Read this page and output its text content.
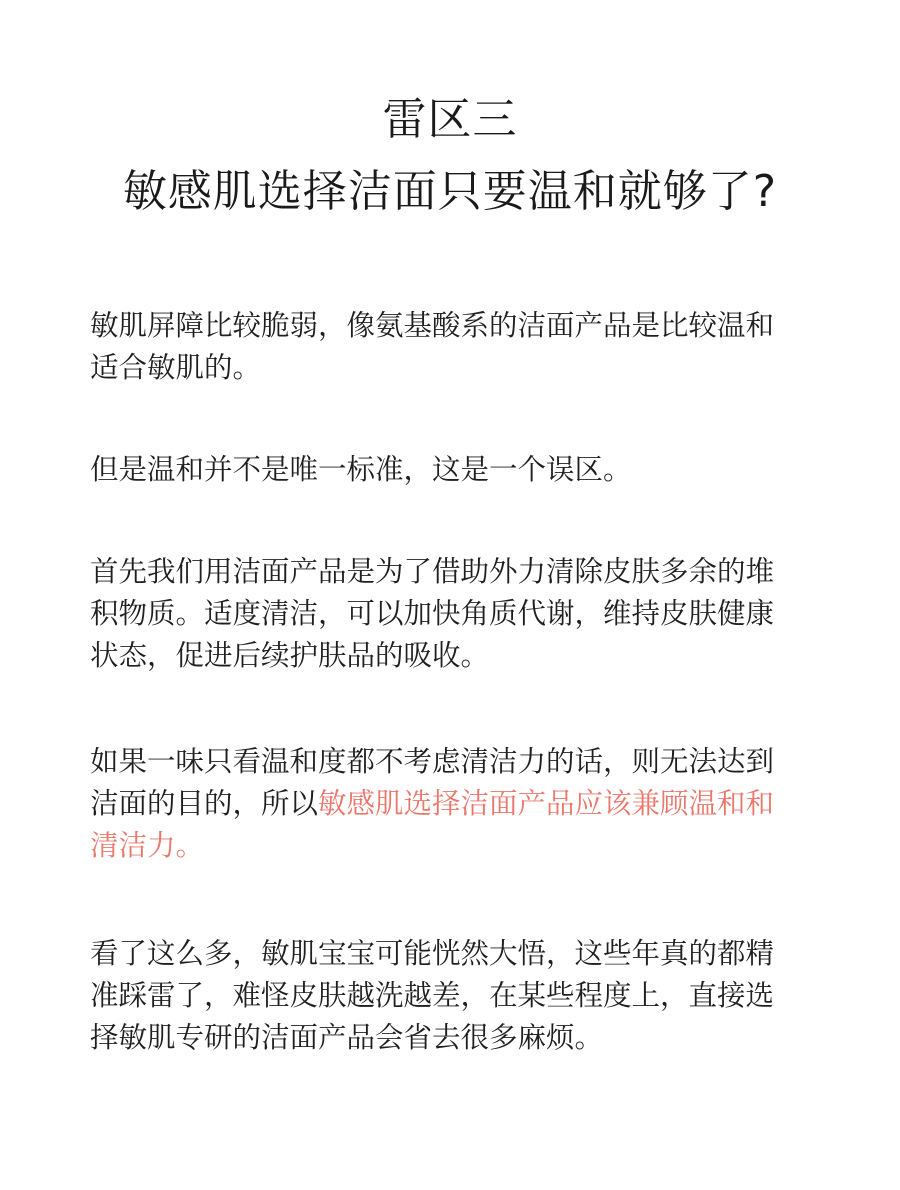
雷区三
敏感肌选择洁面只要温和就够了?
敏肌屏障比较脆弱，像氨基酸系的洁面产品是比较温和
适合敏肌的。
但是温和并不是唯一标准，这是一个误区。
首先我们用洁面产品是为了借助外力清除皮肤多余的堆
积物质。适度清洁，可以加快角质代谢，维持皮肤健康
状态，促进后续护肤品的吸收。
如果一味只看温和度都不考虑清洁力的话，则无法达到
洁面的目的，所以敏感肌选择洁面产品应该兼顾温和和
清洁力。
看了这么多，敏肌宝宝可能恍然大悟，这些年真的都精
准踩雷了，难怪皮肤越洗越差，在某些程度上，直接选
择敏肌专研的洁面产品会省去很多麻烦。
